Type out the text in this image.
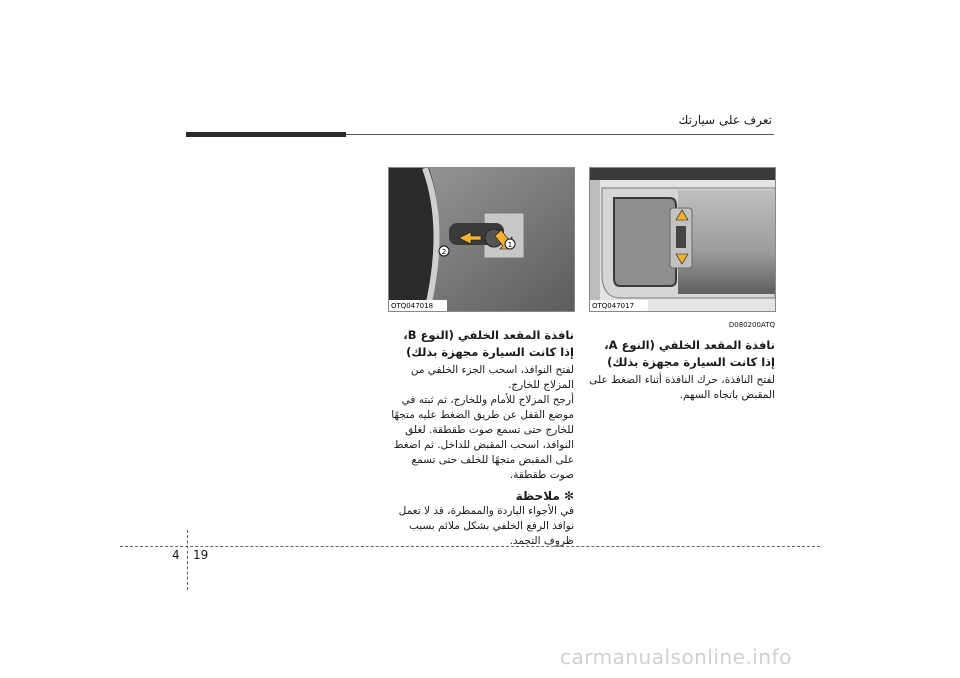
تعرف على سيارتك
1
2
OTQ047018	OTQ047017
D080200ATQ
نافذة المقعد الخلفي (النوع A، إذا كانت السيارة مجهزة بذلك)

لفتح النافذة، حرك النافذة أثناء الضغط على المقبض باتجاه السهم.

نافذة المقعد الخلفي (النوع B، إذا كانت السيارة مجهزة بذلك)

لفتح النوافذ، اسحب الجزء الخلفي من المزلاج للخارج.

أرجح المزلاج للأمام وللخارج، ثم ثبته في موضع القفل عن طريق الضغط عليه متجهًا للخارج حتى تسمع صوت طقطقة. لغلق النوافذ، اسحب المقبض للداخل. ثم اضغط على المقبض متجهًا للخلف حتى تسمع صوت طقطقة.

✻ ملاحظة

في الأجواء الباردة والممطرة، قد لا تعمل نوافذ الرفع الخلفي بشكل ملائم بسبب ظروف التجمد.

4 19
carmanualsonline.info
